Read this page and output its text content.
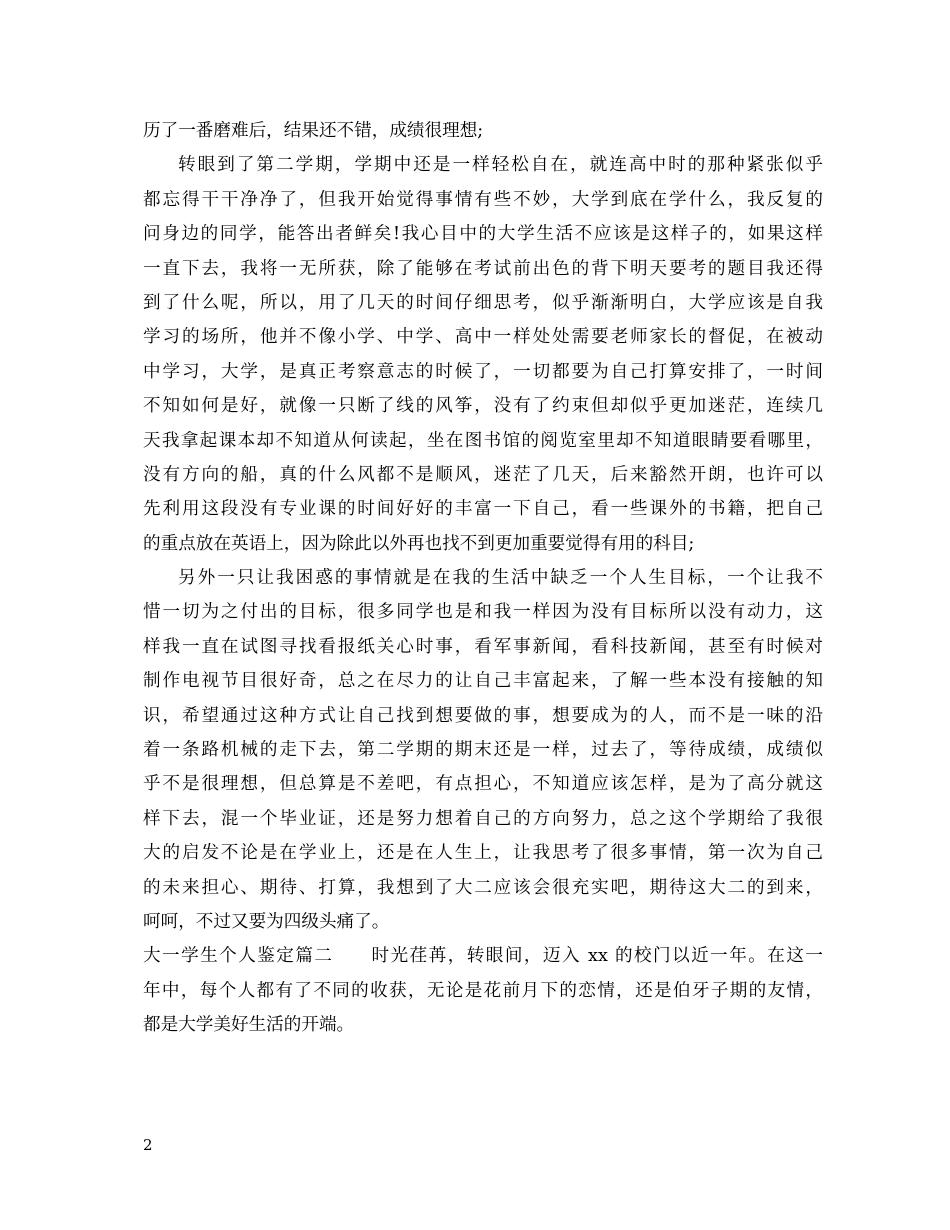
历了一番磨难后，结果还不错，成绩很理想;
转眼到了第二学期，学期中还是一样轻松自在，就连高中时的那种紧张似乎
都忘得干干净净了，但我开始觉得事情有些不妙，大学到底在学什么，我反复的
问身边的同学，能答出者鲜矣!我心目中的大学生活不应该是这样子的，如果这样
一直下去，我将一无所获，除了能够在考试前出色的背下明天要考的题目我还得
到了什么呢，所以，用了几天的时间仔细思考，似乎渐渐明白，大学应该是自我
学习的场所，他并不像小学、中学、高中一样处处需要老师家长的督促，在被动
中学习，大学，是真正考察意志的时候了，一切都要为自己打算安排了，一时间
不知如何是好，就像一只断了线的风筝，没有了约束但却似乎更加迷茫，连续几
天我拿起课本却不知道从何读起，坐在图书馆的阅览室里却不知道眼睛要看哪里，
没有方向的船，真的什么风都不是顺风，迷茫了几天，后来豁然开朗，也许可以
先利用这段没有专业课的时间好好的丰富一下自己，看一些课外的书籍，把自己
的重点放在英语上，因为除此以外再也找不到更加重要觉得有用的科目;
另外一只让我困惑的事情就是在我的生活中缺乏一个人生目标，一个让我不
惜一切为之付出的目标，很多同学也是和我一样因为没有目标所以没有动力，这
样我一直在试图寻找看报纸关心时事，看军事新闻，看科技新闻，甚至有时候对
制作电视节目很好奇，总之在尽力的让自己丰富起来，了解一些本没有接触的知
识，希望通过这种方式让自己找到想要做的事，想要成为的人，而不是一味的沿
着一条路机械的走下去，第二学期的期末还是一样，过去了，等待成绩，成绩似
乎不是很理想，但总算是不差吧，有点担心，不知道应该怎样，是为了高分就这
样下去，混一个毕业证，还是努力想着自己的方向努力，总之这个学期给了我很
大的启发不论是在学业上，还是在人生上，让我思考了很多事情，第一次为自己
的未来担心、期待、打算，我想到了大二应该会很充实吧，期待这大二的到来，
呵呵，不过又要为四级头痛了。
大一学生个人鉴定篇二　　时光荏苒，转眼间，迈入 xx 的校门以近一年。在这一
年中，每个人都有了不同的收获，无论是花前月下的恋情，还是伯牙子期的友情，
都是大学美好生活的开端。
2
